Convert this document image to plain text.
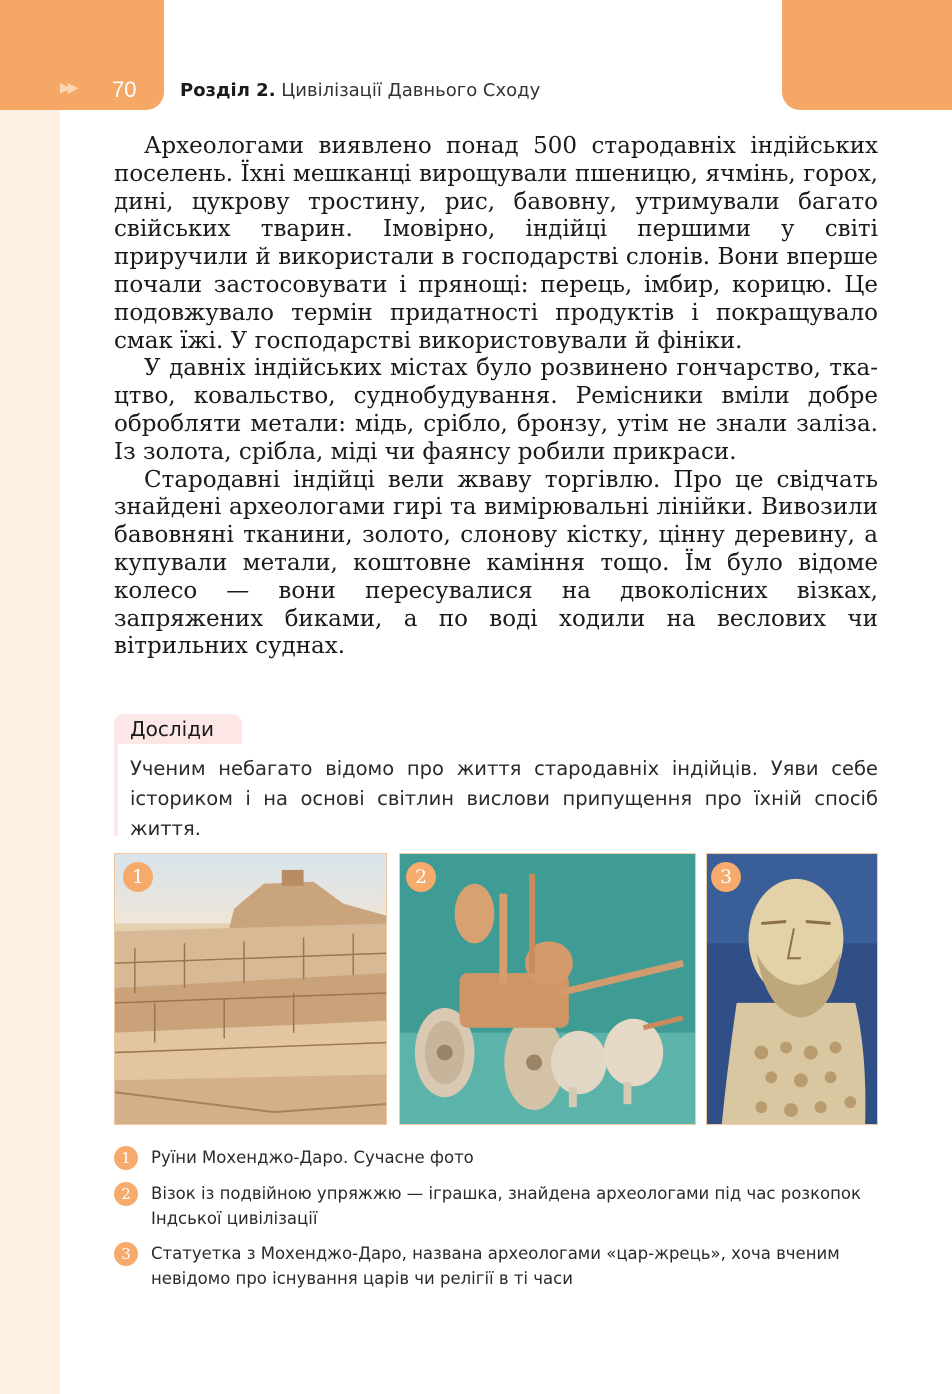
▶▶ 70 Розділ 2. Цивілізації Давнього Сходу

Археологами виявлено понад 500 стародавніх індійських поселень. Їхні мешканці вирощували пшеницю, ячмінь, горох, дині, цукрову тростину, рис, бавовну, утримували багато свійських тварин. Імовірно, індійці першими у світі приручили й використали в господарстві слонів. Вони вперше почали застосовувати і прянощі: перець, імбир, корицю. Це подовжувало термін придатності продуктів і покращувало смак їжі. У господарстві використовували й фініки.

У давніх індійських містах було розвинено гончарство, ткацтво, ковальство, суднобудування. Ремісники вміли добре обробляти метали: мідь, срібло, бронзу, утім не знали заліза. Із золота, срібла, міді чи фаянсу робили прикраси.

Стародавні індійці вели жваву торгівлю. Про це свідчать знайдені археологами гирі та вимірювальні лінійки. Вивозили бавовняні тканини, золото, слонову кістку, цінну деревину, а купували метали, коштовне каміння тощо. Їм було відоме колесо — вони пересувалися на двоколісних візках, запряжених биками, а по воді ходили на веслових чи вітрильних суднах.

Досліди
Ученим небагато відомо про життя стародавніх індійців. Уяви себе істориком і на основі світлин вислови припущення про їхній спосіб життя.
1	2	3
1	Руїни Мохенджо-Даро. Сучасне фото
2	Візок із подвійною упряжжю — іграшка, знайдена археологами під час розкопок Індської цивілізації
3	Статуетка з Мохенджо-Даро, названа археологами «цар-жрець», хоча вченим невідомо про існування царів чи релігії в ті часи
